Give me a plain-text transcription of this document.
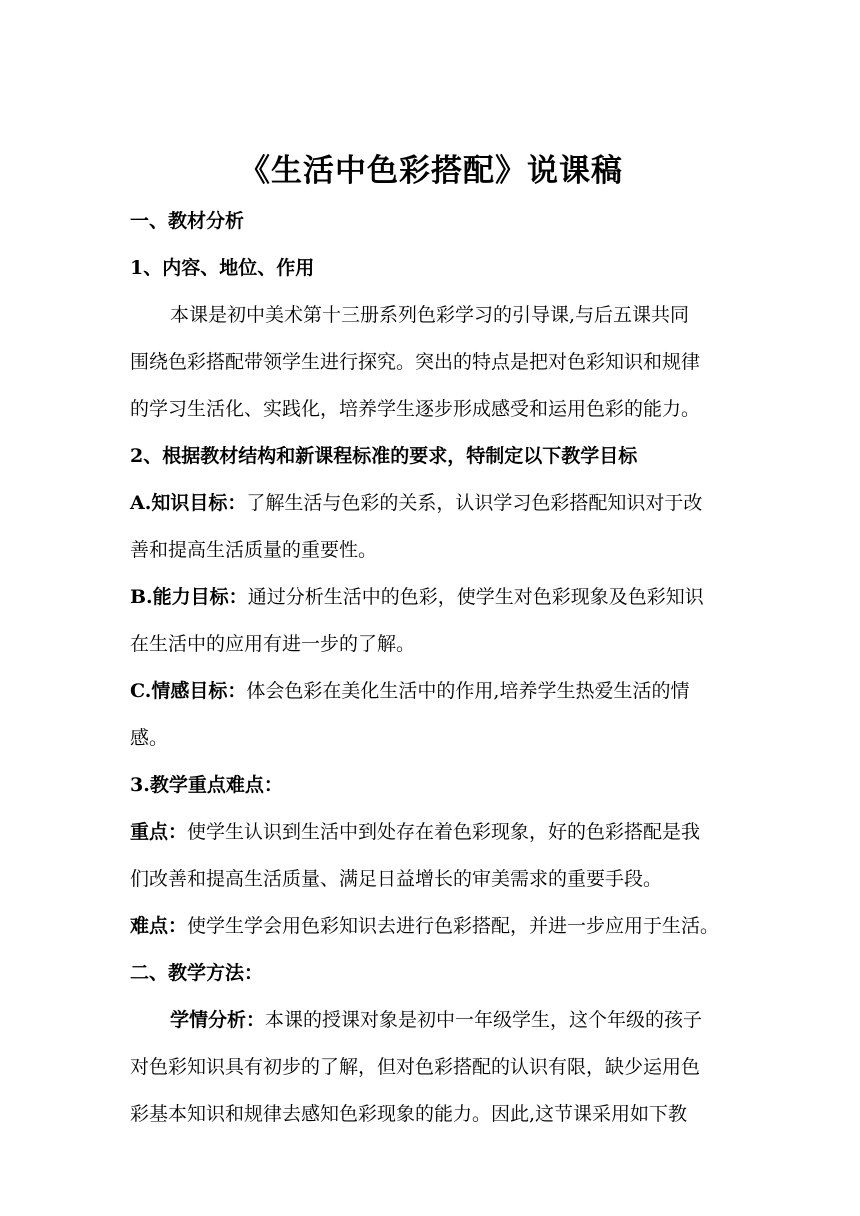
《生活中色彩搭配》说课稿

一、教材分析

1、内容、地位、作用

本课是初中美术第十三册系列色彩学习的引导课,与后五课共同

围绕色彩搭配带领学生进行探究。突出的特点是把对色彩知识和规律

的学习生活化、实践化，培养学生逐步形成感受和运用色彩的能力。

2、根据教材结构和新课程标准的要求，特制定以下教学目标

A.知识目标：了解生活与色彩的关系，认识学习色彩搭配知识对于改

善和提高生活质量的重要性。

B.能力目标：通过分析生活中的色彩，使学生对色彩现象及色彩知识

在生活中的应用有进一步的了解。

C.情感目标：体会色彩在美化生活中的作用,培养学生热爱生活的情

感。

3.教学重点难点：

重点：使学生认识到生活中到处存在着色彩现象，好的色彩搭配是我

们改善和提高生活质量、满足日益增长的审美需求的重要手段。

难点：使学生学会用色彩知识去进行色彩搭配，并进一步应用于生活。

二、教学方法：

学情分析：本课的授课对象是初中一年级学生，这个年级的孩子

对色彩知识具有初步的了解，但对色彩搭配的认识有限，缺少运用色

彩基本知识和规律去感知色彩现象的能力。因此,这节课采用如下教
